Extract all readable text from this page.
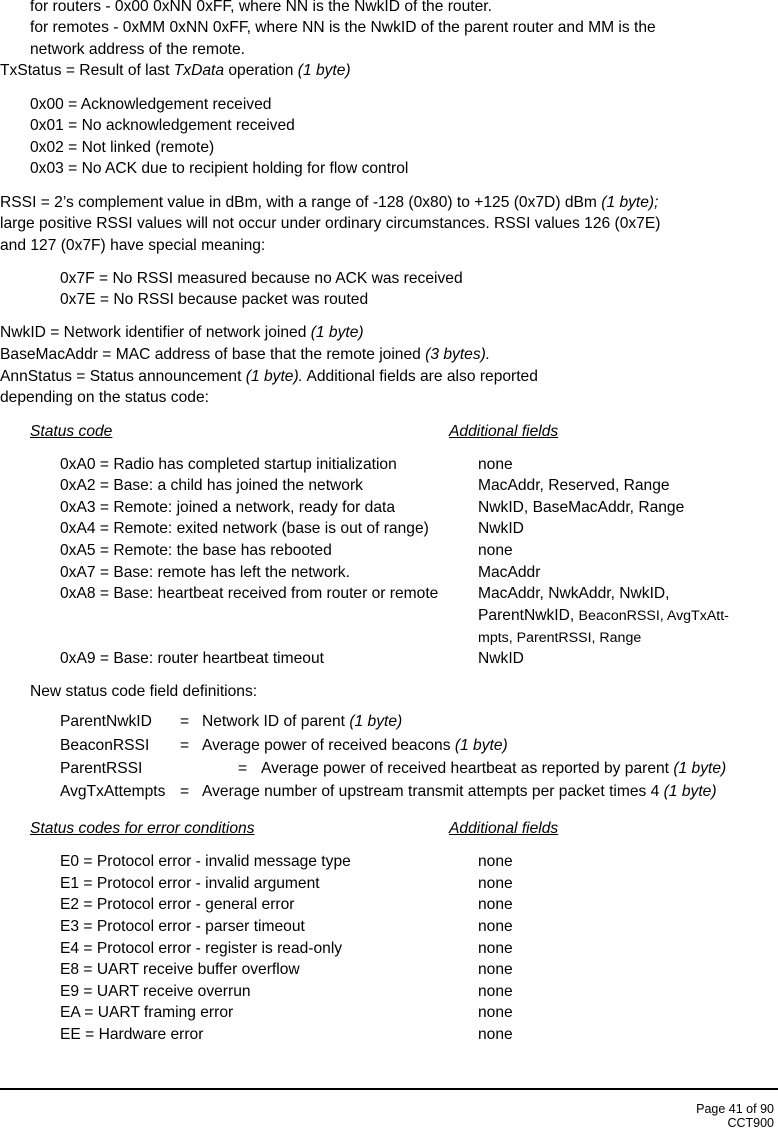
for routers - 0x00 0xNN 0xFF, where NN is the NwkID of the router.
for remotes - 0xMM 0xNN 0xFF, where NN is the NwkID of the parent router and MM is the
network address of the remote.
TxStatus = Result of last TxData operation (1 byte)
0x00 = Acknowledgement received
0x01 = No acknowledgement received
0x02 = Not linked (remote)
0x03 = No ACK due to recipient holding for flow control
RSSI = 2’s complement value in dBm, with a range of -128 (0x80) to +125 (0x7D) dBm (1 byte);
large positive RSSI values will not occur under ordinary circumstances. RSSI values 126 (0x7E)
and 127 (0x7F) have special meaning:
0x7F = No RSSI measured because no ACK was received
0x7E = No RSSI because packet was routed
NwkID = Network identifier of network joined (1 byte)
BaseMacAddr = MAC address of base that the remote joined (3 bytes).
AnnStatus = Status announcement (1 byte). Additional fields are also reported
depending on the status code:
Status code	Additional fields
0xA0 = Radio has completed startup initialization	none
0xA2 = Base: a child has joined the network	MacAddr, Reserved, Range
0xA3 = Remote: joined a network, ready for data	NwkID, BaseMacAddr, Range
0xA4 = Remote: exited network (base is out of range)	NwkID
0xA5 = Remote: the base has rebooted	none
0xA7 = Base: remote has left the network.	MacAddr
0xA8 = Base: heartbeat received from router or remote	MacAddr, NwkAddr, NwkID,
ParentNwkID, BeaconRSSI, AvgTxAtt-
mpts, ParentRSSI, Range
0xA9 = Base: router heartbeat timeout	NwkID
New status code field definitions:
ParentNwkID = Network ID of parent (1 byte)
BeaconRSSI = Average power of received beacons (1 byte)
ParentRSSI	= Average power of received heartbeat as reported by parent (1 byte)
AvgTxAttempts = Average number of upstream transmit attempts per packet times 4 (1 byte)
Status codes for error conditions	Additional fields
E0 = Protocol error - invalid message type	none
E1 = Protocol error - invalid argument	none
E2 = Protocol error - general error	none
E3 = Protocol error - parser timeout	none
E4 = Protocol error - register is read-only	none
E8 = UART receive buffer overflow	none
E9 = UART receive overrun	none
EA = UART framing error	none
EE = Hardware error	none
Page 41 of 90
CCT900
